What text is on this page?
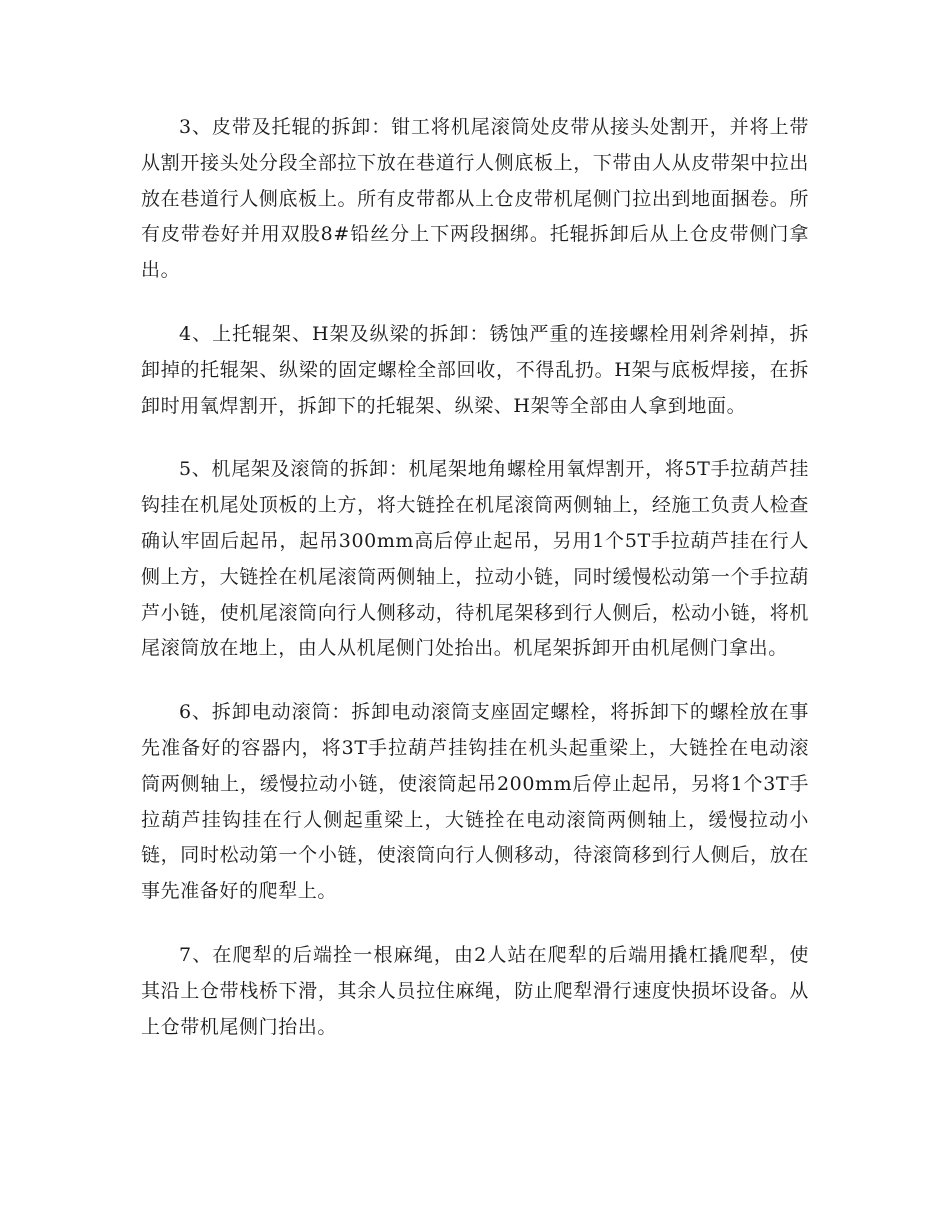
3、皮带及托辊的拆卸：钳工将机尾滚筒处皮带从接头处割开，并将上带从割开接头处分段全部拉下放在巷道行人侧底板上，下带由人从皮带架中拉出放在巷道行人侧底板上。所有皮带都从上仓皮带机尾侧门拉出到地面捆卷。所有皮带卷好并用双股8#铅丝分上下两段捆绑。托辊拆卸后从上仓皮带侧门拿出。

4、上托辊架、H架及纵梁的拆卸：锈蚀严重的连接螺栓用剁斧剁掉，拆卸掉的托辊架、纵梁的固定螺栓全部回收，不得乱扔。H架与底板焊接，在拆卸时用氧焊割开，拆卸下的托辊架、纵梁、H架等全部由人拿到地面。

5、机尾架及滚筒的拆卸：机尾架地角螺栓用氧焊割开，将5T手拉葫芦挂钩挂在机尾处顶板的上方，将大链拴在机尾滚筒两侧轴上，经施工负责人检查确认牢固后起吊，起吊300mm高后停止起吊，另用1个5T手拉葫芦挂在行人侧上方，大链拴在机尾滚筒两侧轴上，拉动小链，同时缓慢松动第一个手拉葫芦小链，使机尾滚筒向行人侧移动，待机尾架移到行人侧后，松动小链，将机尾滚筒放在地上，由人从机尾侧门处抬出。机尾架拆卸开由机尾侧门拿出。

6、拆卸电动滚筒：拆卸电动滚筒支座固定螺栓，将拆卸下的螺栓放在事先准备好的容器内，将3T手拉葫芦挂钩挂在机头起重梁上，大链拴在电动滚筒两侧轴上，缓慢拉动小链，使滚筒起吊200mm后停止起吊，另将1个3T手拉葫芦挂钩挂在行人侧起重梁上，大链拴在电动滚筒两侧轴上，缓慢拉动小链，同时松动第一个小链，使滚筒向行人侧移动，待滚筒移到行人侧后，放在事先准备好的爬犁上。

7、在爬犁的后端拴一根麻绳，由2人站在爬犁的后端用撬杠撬爬犁，使其沿上仓带栈桥下滑，其余人员拉住麻绳，防止爬犁滑行速度快损坏设备。从上仓带机尾侧门抬出。
